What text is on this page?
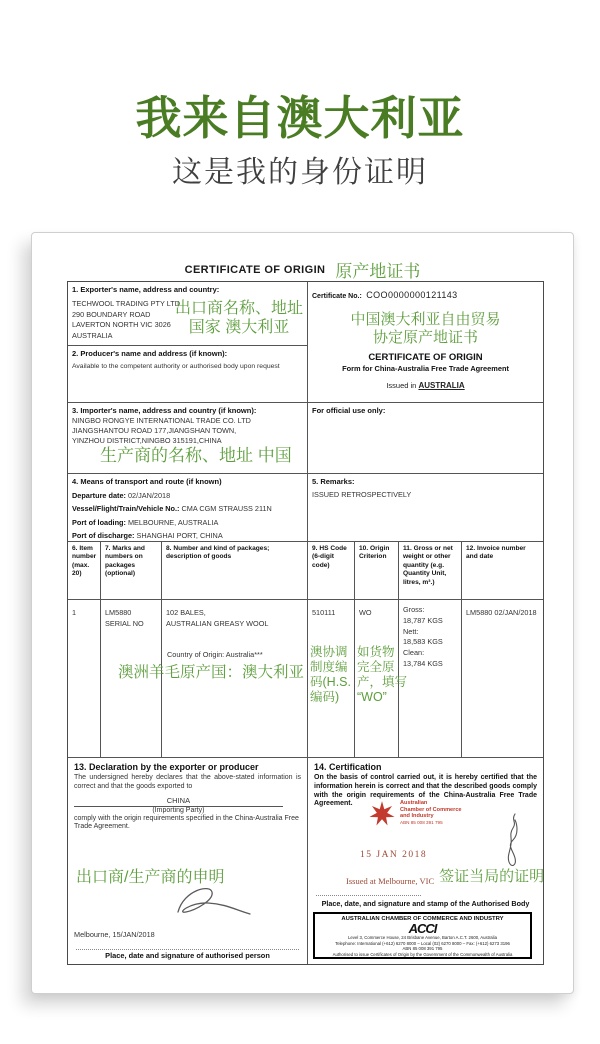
我来自澳大利亚
这是我的身份证明
CERTIFICATE OF ORIGIN 原产地证书
1. Exporter's name, address and country:
TECHWOOL TRADING PTY LTD
290 BOUNDARY ROAD
LAVERTON NORTH VIC 3026
AUSTRALIA
出口商名称、地址
国家 澳大利亚
2. Producer's name and address (if known):
Available to the competent authority or authorised body upon request
3. Importer's name, address and country (if known):
NINGBO RONGYE INTERNATIONAL TRADE CO. LTD
JIANGSHANTOU ROAD 177,JIANGSHAN TOWN,
YINZHOU DISTRICT,NINGBO 315191,CHINA
生产商的名称、地址 中国
Certificate No.: COO0000000121143
中国澳大利亚自由贸易
协定原产地证书
CERTIFICATE OF ORIGIN
Form for China-Australia Free Trade Agreement
Issued in AUSTRALIA
For official use only:
4. Means of transport and route (if known)
Departure date: 02/JAN/2018
Vessel/Flight/Train/Vehicle No.: CMA CGM STRAUSS 211N
Port of loading: MELBOURNE, AUSTRALIA
Port of discharge: SHANGHAI PORT, CHINA
5. Remarks:
ISSUED RETROSPECTIVELY
6. Item number (max. 20)
7. Marks and numbers on packages (optional)
8. Number and kind of packages; description of goods
9. HS Code (6-digit code)
10. Origin Criterion
11. Gross or net weight or other quantity (e.g. Quantity Unit, litres, m³.)
12. Invoice number and date
1	LM5880
SERIAL NO
102 BALES,
AUSTRALIAN GREASY WOOL
Country of Origin: Australia***
澳洲羊毛原产国：澳大利亚
510111
澳协调
制度编
码(H.S.
编码)
WO
如货物
完全原
产，填写
“WO”
Gross:
18,787 KGS
Nett:
18,583 KGS
Clean:
13,784 KGS
LM5880 02/JAN/2018
13. Declaration by the exporter or producer
The undersigned hereby declares that the above-stated information is correct and that the goods exported to
CHINA
(Importing Party)
comply with the origin requirements specified in the China-Australia Free Trade Agreement.
出口商/生产商的申明
Melbourne, 15/JAN/2018
Place, date and signature of authorised person
14. Certification
On the basis of control carried out, it is hereby certified that the information herein is correct and that the described goods comply with the origin requirements of the China-Australia Free Trade Agreement.	Australian
Chamber of Commerce
and Industry
ABN 85 008 391 795
15 JAN 2018
Issued at Melbourne, VIC 签证当局的证明
Place, date, and signature and stamp of the Authorised Body
AUSTRALIAN CHAMBER OF COMMERCE AND INDUSTRY
ACCI
Level 3, Commerce House, 24 Brisbane Avenue, Barton A.C.T. 2600, Australia
Telephone: International (+612) 6270 8000 – Local (02) 6270 8000 – Fax: (+612) 6273 3196
ABN 85 008 391 795
Authorised to issue Certificates of Origin by the Government of the Commonwealth of Australia
